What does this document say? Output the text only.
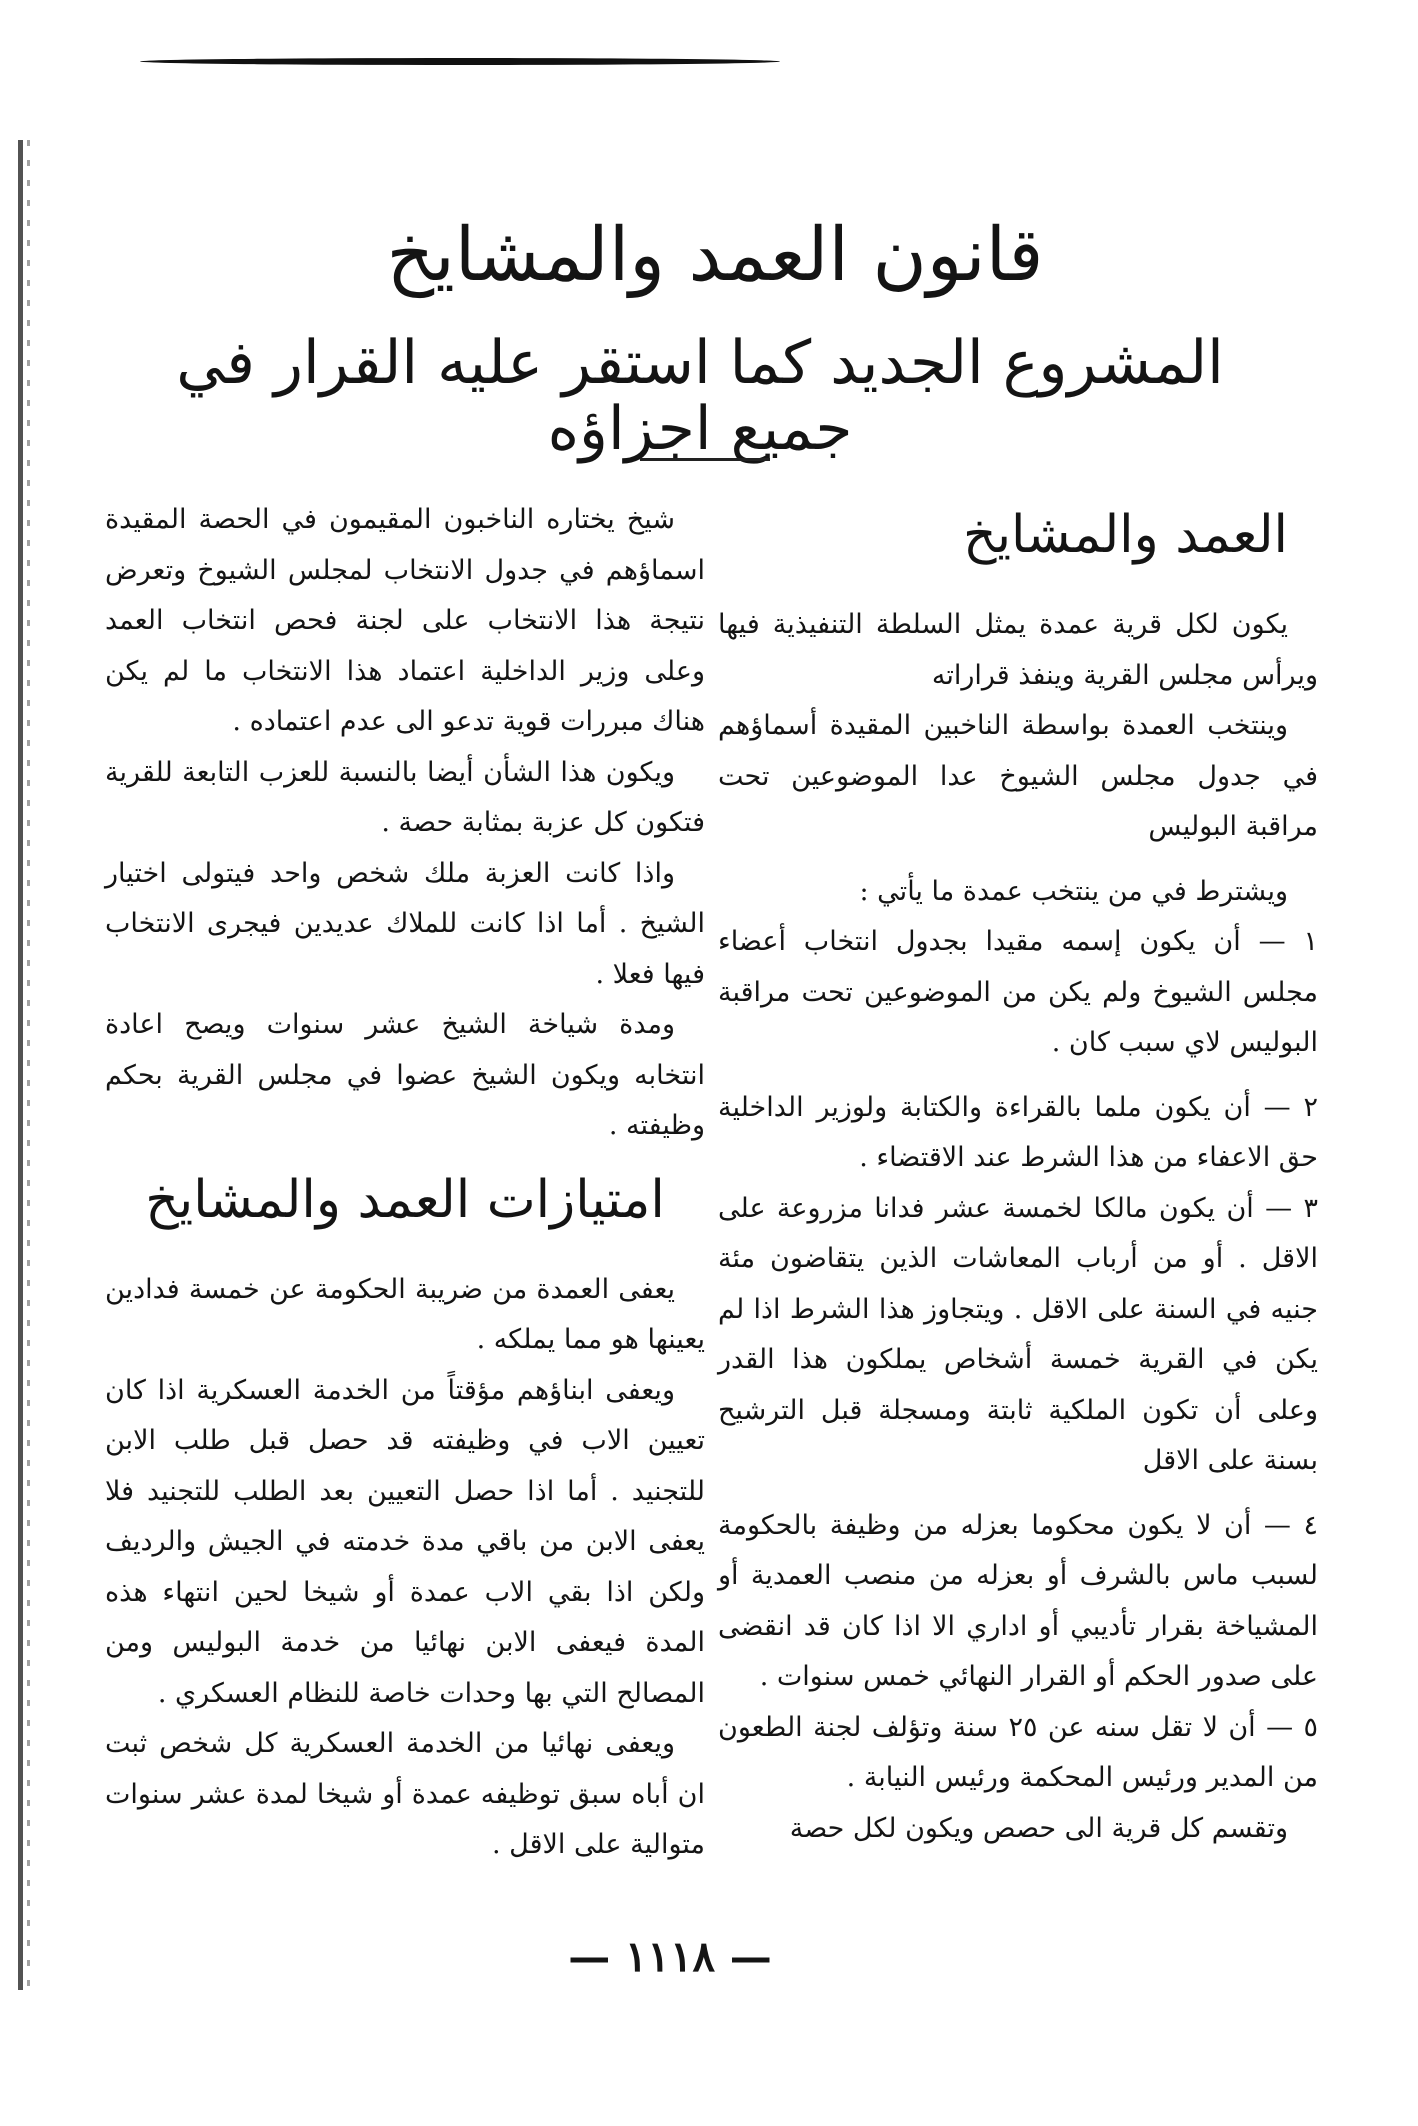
قانون العمد والمشايخ
المشروع الجديد كما استقر عليه القرار في جميع اجزاؤه
العمد والمشايخ

يكون لكل قرية عمدة يمثل السلطة التنفيذية فيها ويرأس مجلس القرية وينفذ قراراته

وينتخب العمدة بواسطة الناخبين المقيدة أسماؤهم في جدول مجلس الشيوخ عدا الموضوعين تحت مراقبة البوليس

ويشترط في من ينتخب عمدة ما يأتي :

١ — أن يكون إسمه مقيدا بجدول انتخاب أعضاء مجلس الشيوخ ولم يكن من الموضوعين تحت مراقبة البوليس لاي سبب كان .

٢ — أن يكون ملما بالقراءة والكتابة ولوزير الداخلية حق الاعفاء من هذا الشرط عند الاقتضاء .

٣ — أن يكون مالكا لخمسة عشر فدانا مزروعة على الاقل . أو من أرباب المعاشات الذين يتقاضون مئة جنيه في السنة على الاقل . ويتجاوز هذا الشرط اذا لم يكن في القرية خمسة أشخاص يملكون هذا القدر وعلى أن تكون الملكية ثابتة ومسجلة قبل الترشيح بسنة على الاقل

٤ — أن لا يكون محكوما بعزله من وظيفة بالحكومة لسبب ماس بالشرف أو بعزله من منصب العمدية أو المشياخة بقرار تأديبي أو اداري الا اذا كان قد انقضى على صدور الحكم أو القرار النهائي خمس سنوات .

٥ — أن لا تقل سنه عن ٢٥ سنة وتؤلف لجنة الطعون من المدير ورئيس المحكمة ورئيس النيابة .

وتقسم كل قرية الى حصص ويكون لكل حصة

شيخ يختاره الناخبون المقيمون في الحصة المقيدة اسماؤهم في جدول الانتخاب لمجلس الشيوخ وتعرض نتيجة هذا الانتخاب على لجنة فحص انتخاب العمد وعلى وزير الداخلية اعتماد هذا الانتخاب ما لم يكن هناك مبررات قوية تدعو الى عدم اعتماده .

ويكون هذا الشأن أيضا بالنسبة للعزب التابعة للقرية فتكون كل عزبة بمثابة حصة .

واذا كانت العزبة ملك شخص واحد فيتولى اختيار الشيخ . أما اذا كانت للملاك عديدين فيجرى الانتخاب فيها فعلا .

ومدة شياخة الشيخ عشر سنوات ويصح اعادة انتخابه ويكون الشيخ عضوا في مجلس القرية بحكم وظيفته .

امتيازات العمد والمشايخ

يعفى العمدة من ضريبة الحكومة عن خمسة فدادين يعينها هو مما يملكه .

ويعفى ابناؤهم مؤقتاً من الخدمة العسكرية اذا كان تعيين الاب في وظيفته قد حصل قبل طلب الابن للتجنيد . أما اذا حصل التعيين بعد الطلب للتجنيد فلا يعفى الابن من باقي مدة خدمته في الجيش والرديف ولكن اذا بقي الاب عمدة أو شيخا لحين انتهاء هذه المدة فيعفى الابن نهائيا من خدمة البوليس ومن المصالح التي بها وحدات خاصة للنظام العسكري .

ويعفى نهائيا من الخدمة العسكرية كل شخص ثبت ان أباه سبق توظيفه عمدة أو شيخا لمدة عشر سنوات متوالية على الاقل .

— ١١١٨ —
